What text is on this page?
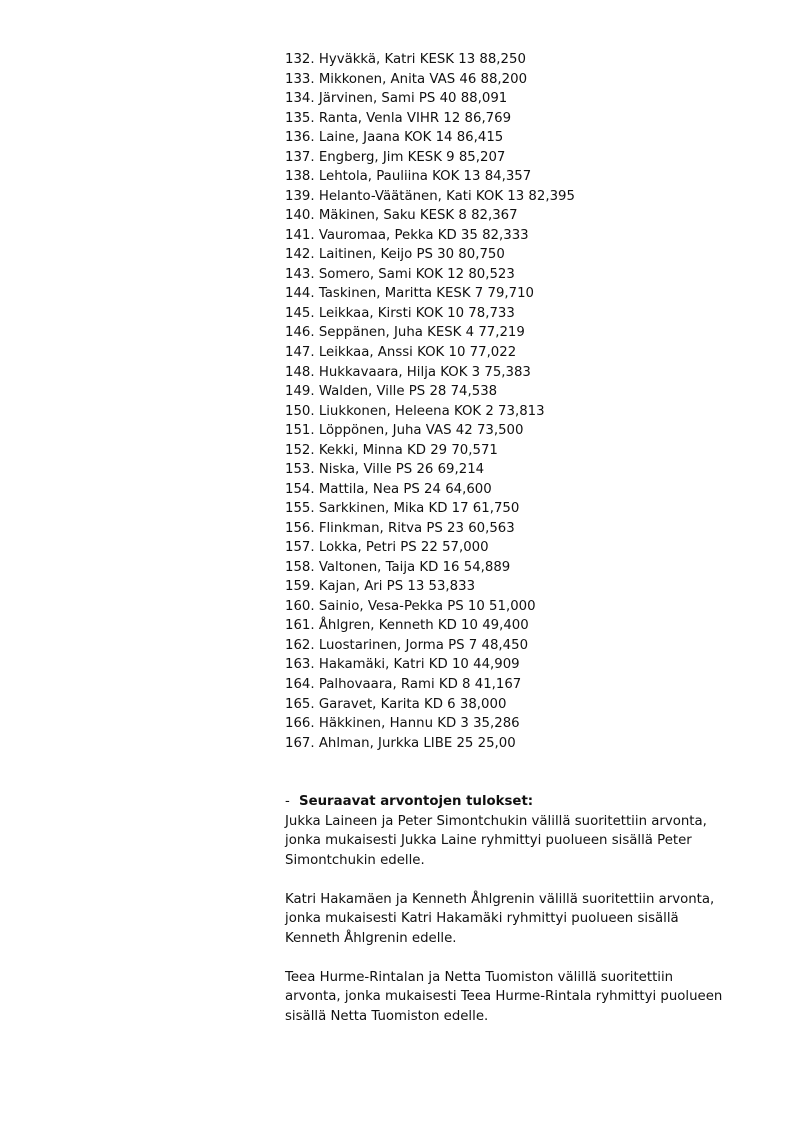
132. Hyväkkä, Katri KESK 13 88,250
133. Mikkonen, Anita VAS 46 88,200
134. Järvinen, Sami PS 40 88,091
135. Ranta, Venla VIHR 12 86,769
136. Laine, Jaana KOK 14 86,415
137. Engberg, Jim KESK 9 85,207
138. Lehtola, Pauliina KOK 13 84,357
139. Helanto-Väätänen, Kati KOK 13 82,395
140. Mäkinen, Saku KESK 8 82,367
141. Vauromaa, Pekka KD 35 82,333
142. Laitinen, Keijo PS 30 80,750
143. Somero, Sami KOK 12 80,523
144. Taskinen, Maritta KESK 7 79,710
145. Leikkaa, Kirsti KOK 10 78,733
146. Seppänen, Juha KESK 4 77,219
147. Leikkaa, Anssi KOK 10 77,022
148. Hukkavaara, Hilja KOK 3 75,383
149. Walden, Ville PS 28 74,538
150. Liukkonen, Heleena KOK 2 73,813
151. Löppönen, Juha VAS 42 73,500
152. Kekki, Minna KD 29 70,571
153. Niska, Ville PS 26 69,214
154. Mattila, Nea PS 24 64,600
155. Sarkkinen, Mika KD 17 61,750
156. Flinkman, Ritva PS 23 60,563
157. Lokka, Petri PS 22 57,000
158. Valtonen, Taija KD 16 54,889
159. Kajan, Ari PS 13 53,833
160. Sainio, Vesa-Pekka PS 10 51,000
161. Åhlgren, Kenneth KD 10 49,400
162. Luostarinen, Jorma PS 7 48,450
163. Hakamäki, Katri KD 10 44,909
164. Palhovaara, Rami KD 8 41,167
165. Garavet, Karita KD 6 38,000
166. Häkkinen, Hannu KD 3 35,286
167. Ahlman, Jurkka LIBE 25 25,00
- Seuraavat arvontojen tulokset:

Jukka Laineen ja Peter Simontchukin välillä suoritettiin arvonta, jonka mukaisesti Jukka Laine ryhmittyi puolueen sisällä Peter Simontchukin edelle.

Katri Hakamäen ja Kenneth Åhlgrenin välillä suoritettiin arvonta, jonka mukaisesti Katri Hakamäki ryhmittyi puolueen sisällä Kenneth Åhlgrenin edelle.

Teea Hurme-Rintalan ja Netta Tuomiston välillä suoritettiin arvonta, jonka mukaisesti Teea Hurme-Rintala ryhmittyi puolueen sisällä Netta Tuomiston edelle.
